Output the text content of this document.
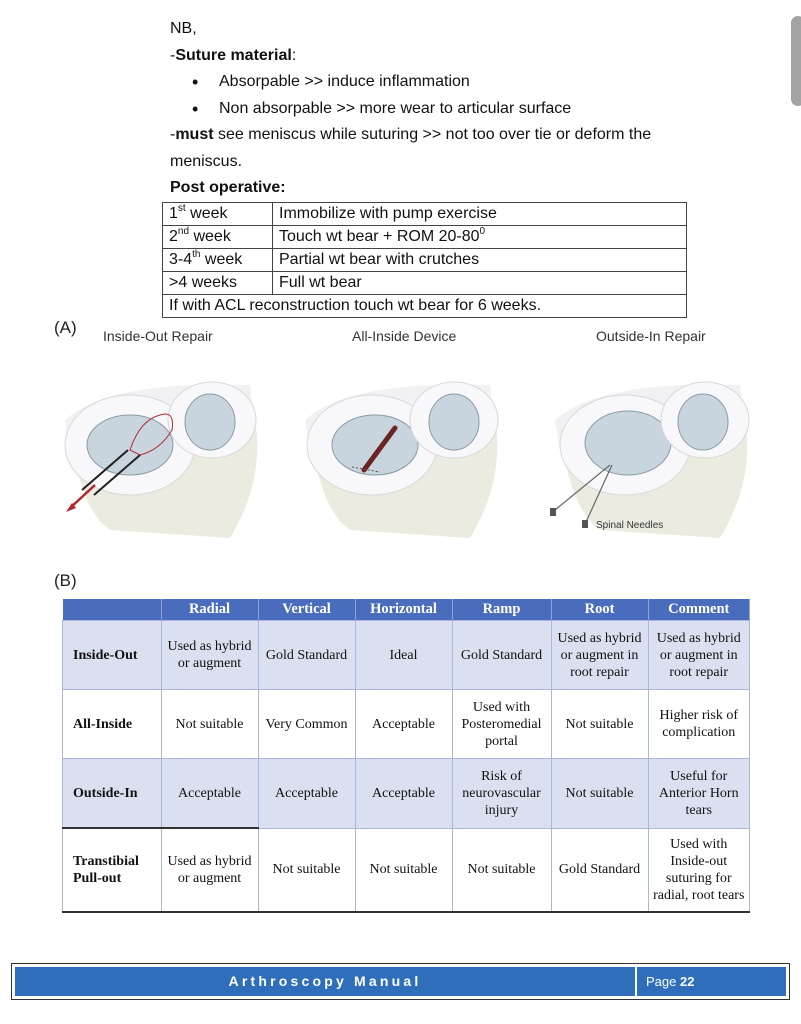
NB,

-Suture material:

• Absorpable >> induce inflammation
• Non absorpable >> more wear to articular surface

-must see meniscus while suturing >> not too over tie or deform the meniscus.

Post operative:

1st week	Immobilize with pump exercise
2nd week	Touch wt bear + ROM $20-80^0$
3-4th week	Partial wt bear with crutches
>4 weeks	Full wt bear
If with ACL reconstruction touch wt bear for 6 weeks.	
(A) Inside-Out Repair	All-Inside Device	Outside-In Repair
Spinal Needles
(B)
	Radial	Vertical	Horizontal	Ramp	Root	Comment
Inside-Out	Used as hybrid or augment	Gold Standard	Ideal	Gold Standard	Used as hybrid or augment in root repair	Used as hybrid or augment in root repair
All-Inside	Not suitable	Very Common	Acceptable	Used with Posteromedial portal	Not suitable	Higher risk of complication
Outside-In	Acceptable	Acceptable	Acceptable	Risk of neurovascular injury	Not suitable	Useful for Anterior Horn tears
Transtibial Pull-out	Used as hybrid or augment	Not suitable	Not suitable	Not suitable	Gold Standard	Used with Inside-out suturing for radial, root tears
Arthroscopy Manual	Page 22
